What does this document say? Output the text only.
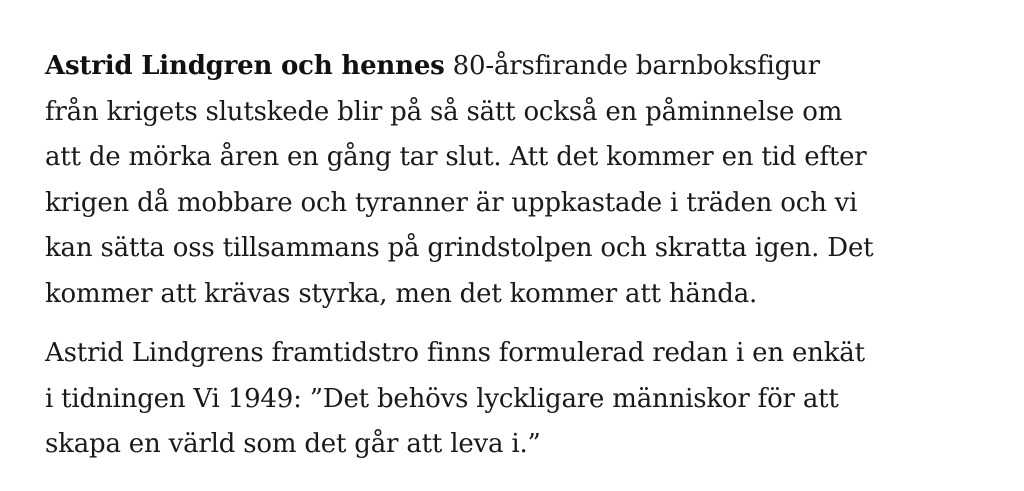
Astrid Lindgren och hennes 80-årsfirande barnboksfigur
från krigets slutskede blir på så sätt också en påminnelse om
att de mörka åren en gång tar slut. Att det kommer en tid efter
krigen då mobbare och tyranner är uppkastade i träden och vi
kan sätta oss tillsammans på grindstolpen och skratta igen. Det
kommer att krävas styrka, men det kommer att hända.

Astrid Lindgrens framtidstro finns formulerad redan i en enkät
i tidningen Vi 1949: ”Det behövs lyckligare människor för att
skapa en värld som det går att leva i.”
